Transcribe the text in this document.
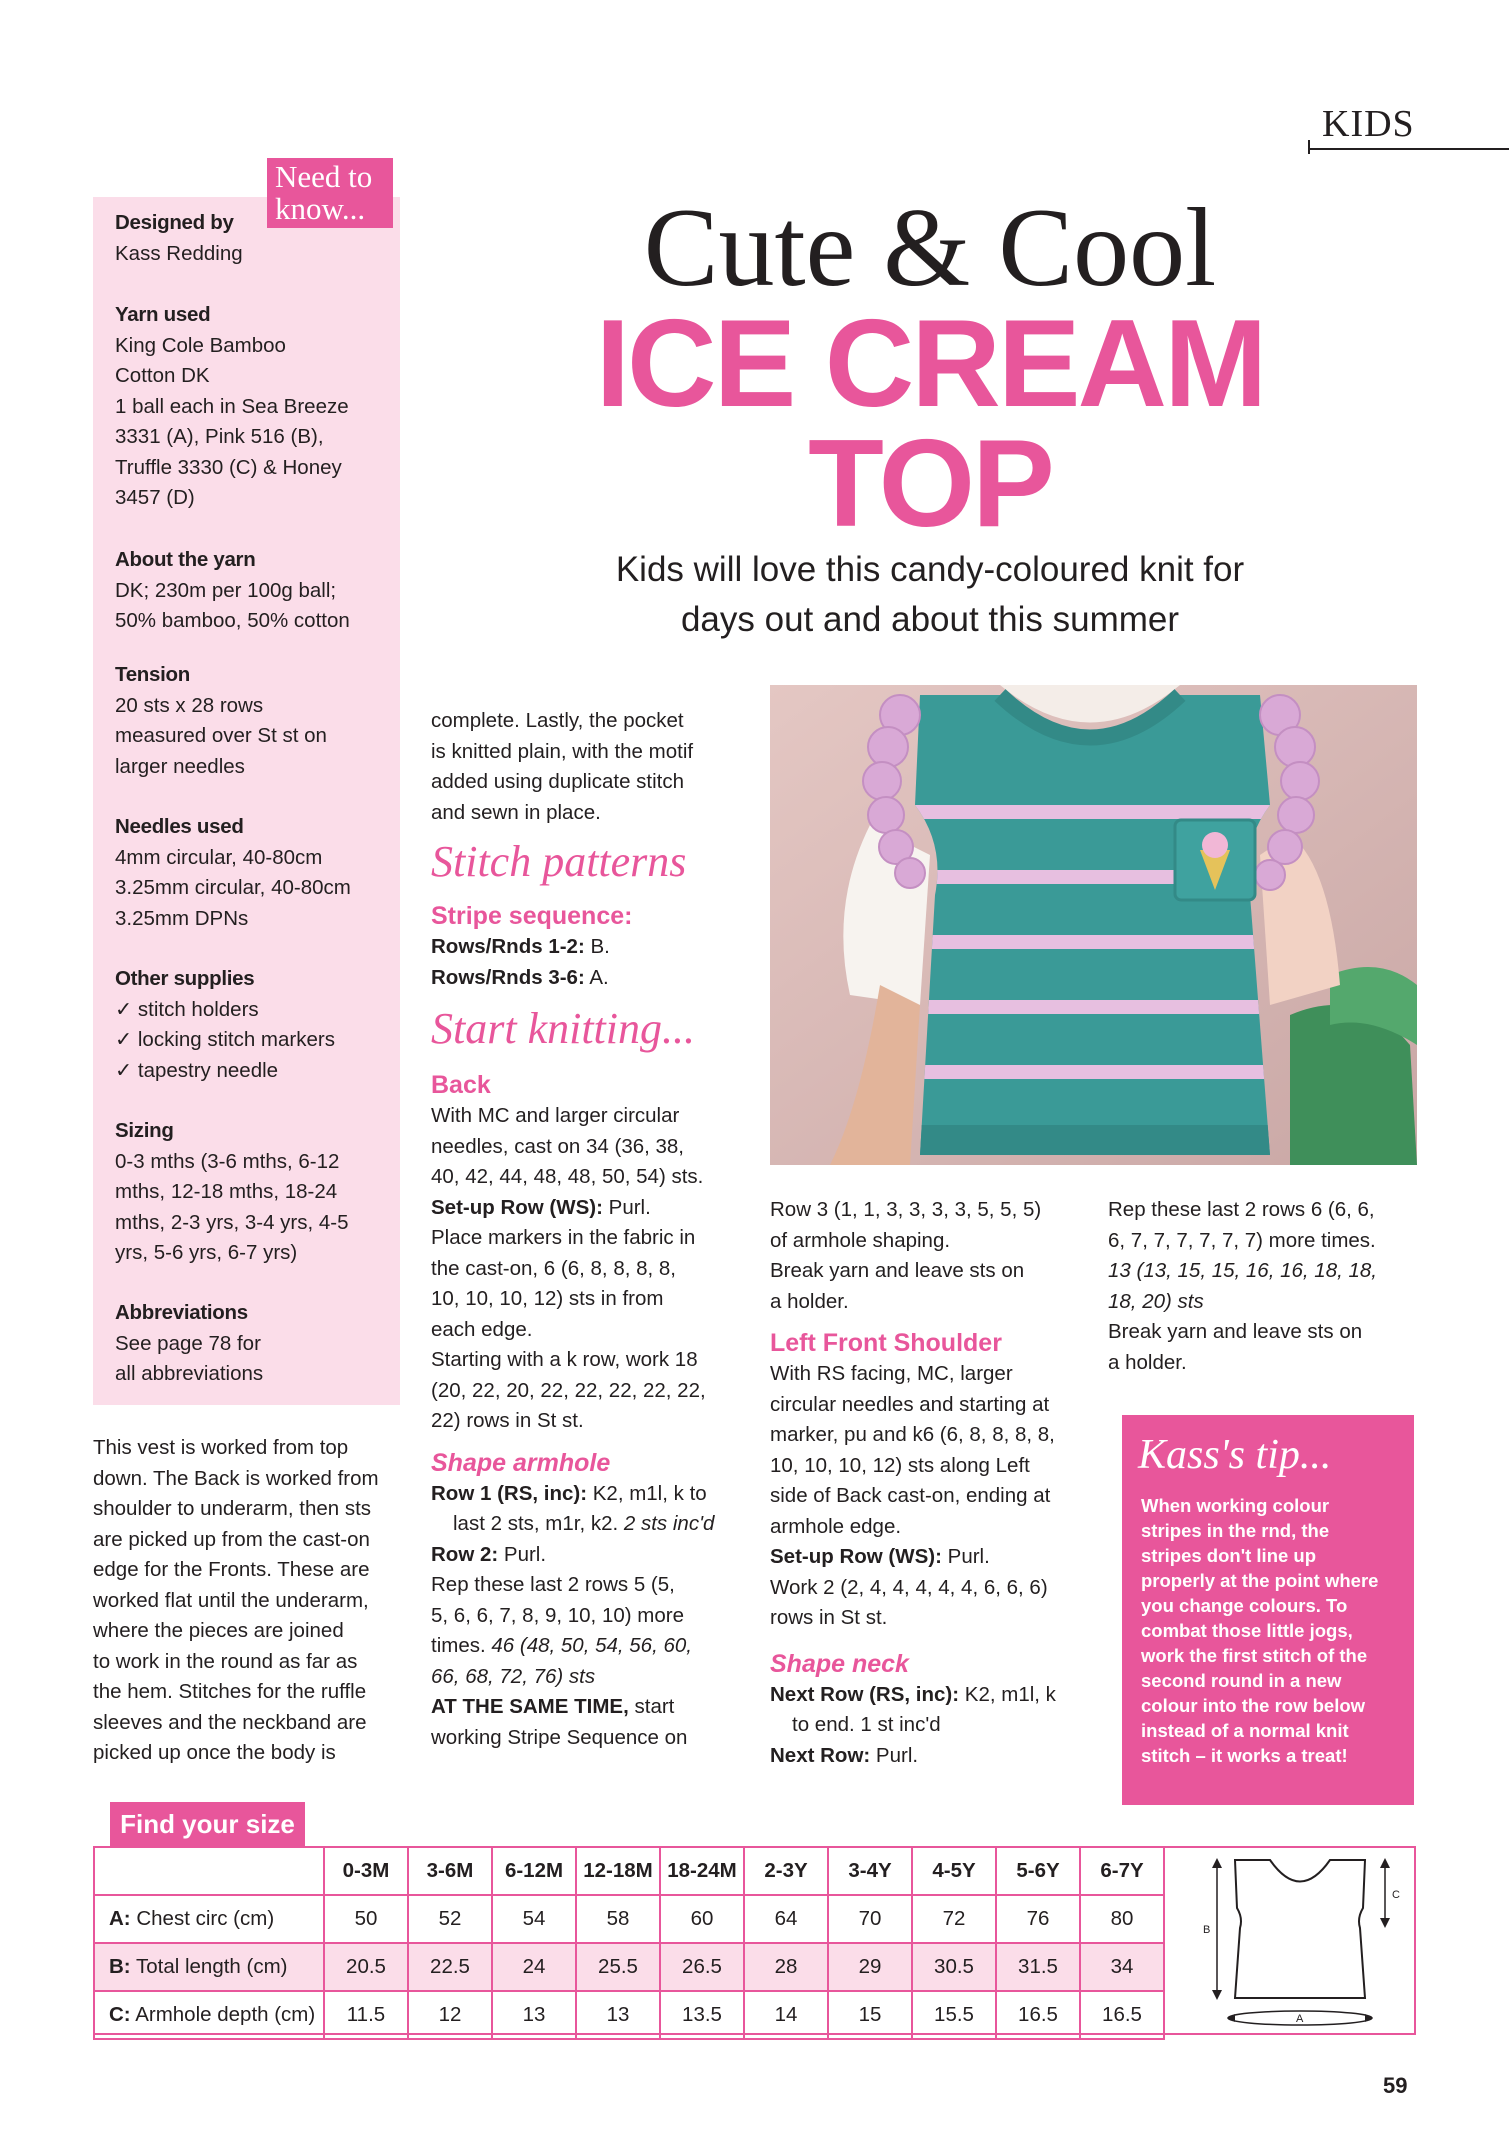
KIDS
Cute & Cool
ICE CREAM
TOP
Kids will love this candy-coloured knit for
days out and about this summer
Need to
know...
Designed by
Kass Redding
Yarn used
King Cole Bamboo
Cotton DK
1 ball each in Sea Breeze
3331 (A), Pink 516 (B),
Truffle 3330 (C) & Honey
3457 (D)
About the yarn
DK; 230m per 100g ball;
50% bamboo, 50% cotton
Tension
20 sts x 28 rows
measured over St st on
larger needles
Needles used
4mm circular, 40-80cm
3.25mm circular, 40-80cm
3.25mm DPNs
Other supplies
✓ stitch holders
✓ locking stitch markers
✓ tapestry needle
Sizing
0-3 mths (3-6 mths, 6-12
mths, 12-18 mths, 18-24
mths, 2-3 yrs, 3-4 yrs, 4-5
yrs, 5-6 yrs, 6-7 yrs)
Abbreviations
See page 78 for
all abbreviations

This vest is worked from top

down. The Back is worked from

shoulder to underarm, then sts

are picked up from the cast-on

edge for the Fronts. These are

worked flat until the underarm,

where the pieces are joined

to work in the round as far as

the hem. Stitches for the ruffle

sleeves and the neckband are

picked up once the body is

complete. Lastly, the pocket

is knitted plain, with the motif

added using duplicate stitch

and sewn in place.

Stitch patterns
Stripe sequence:

Rows/Rnds 1-2: B.

Rows/Rnds 3-6: A.

Start knitting...
Back

With MC and larger circular

needles, cast on 34 (36, 38,

40, 42, 44, 48, 48, 50, 54) sts.

Set-up Row (WS): Purl.

Place markers in the fabric in

the cast-on, 6 (6, 8, 8, 8, 8,

10, 10, 10, 12) sts in from

each edge.

Starting with a k row, work 18

(20, 22, 20, 22, 22, 22, 22, 22,

22) rows in St st.

Shape armhole

Row 1 (RS, inc): K2, m1l, k to

last 2 sts, m1r, k2. 2 sts inc'd

Row 2: Purl.

Rep these last 2 rows 5 (5,

5, 6, 6, 7, 8, 9, 10, 10) more

times. 46 (48, 50, 54, 56, 60,

66, 68, 72, 76) sts

AT THE SAME TIME, start

working Stripe Sequence on

Row 3 (1, 1, 3, 3, 3, 3, 5, 5, 5)

of armhole shaping.

Break yarn and leave sts on

a holder.

Left Front Shoulder

With RS facing, MC, larger

circular needles and starting at

marker, pu and k6 (6, 8, 8, 8, 8,

10, 10, 10, 12) sts along Left

side of Back cast-on, ending at

armhole edge.

Set-up Row (WS): Purl.

Work 2 (2, 4, 4, 4, 4, 4, 6, 6, 6)

rows in St st.

Shape neck

Next Row (RS, inc): K2, m1l, k

to end. 1 st inc'd

Next Row: Purl.

Rep these last 2 rows 6 (6, 6,

6, 7, 7, 7, 7, 7, 7) more times.

13 (13, 15, 15, 16, 16, 18, 18,

18, 20) sts

Break yarn and leave sts on

a holder.

Kass's tip...
When working colour
stripes in the rnd, the
stripes don't line up
properly at the point where
you change colours. To
combat those little jogs,
work the first stitch of the
second round in a new
colour into the row below
instead of a normal knit
stitch – it works a treat!
Find your size
	0-3M	3-6M	6-12M	12-18M	18-24M	2-3Y	3-4Y	4-5Y	5-6Y	6-7Y
A: Chest circ (cm)	50	52	54	58	60	64	70	72	76	80
B: Total length (cm)	20.5	22.5	24	25.5	26.5	28	29	30.5	31.5	34
C: Armhole depth (cm)	11.5	12	13	13	13.5	14	15	15.5	16.5	16.5
B
C
A
59
